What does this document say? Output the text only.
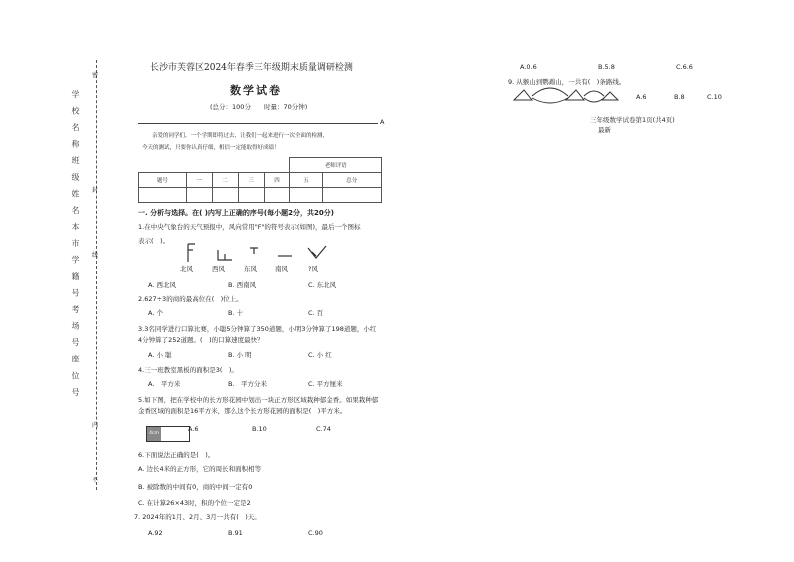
学 校 名 称 班 级 姓 名 本 市 学 籍 号 考 场 号 座 位 号
密
封
线
内
不
长沙市芙蓉区2024年春季三年级期末质量调研检测
数学试卷
(总分：100分　　时量：70分钟)
A
亲爱的同学们，一个学期即将过去，让我们一起来进行一次全面的检测，
今天的测试，只要你认真仔细，相信一定能取得好成绩！
					老师评语	
题号	一	二	三	四	五	总分

一. 分析与选择。在( )内写上正确的序号(每小题2分，共20分)
1.在中央气象台的天气预报中，风向常用"F"的符号表示(如图)，最后一个图标
表示(　)。
北风	西风	东风	南风	?风
A. 西北风	B. 西南风	C. 东北风
2.627÷3的商的最高位在(　)位上。
A. 个	B. 十	C. 百
3.3名同学进行口算比赛，小聪5分钟算了350道题，小明3分钟算了198道题，小红
4分钟算了252道题。(　)的口算速度最快？
A. 小 聪	B. 小 明	C. 小 红
4.三一班教室黑板的面积是3(　)。
A.　平方米	B.　平方分米	C. 平方厘米
5.如下图，把在学校中的长方形花园中划出一块正方形区域栽种郁金香。如果栽种郁
金香区域的面积是16平方米，那么这个长方形花园的面积是(　)平方米。
4cm
A.6	B.10	C.74
6.下面说法正确的是(　)。
A. 边长4米的正方形，它的周长和面积相等
B. 被除数的中间有0，商的中间一定有0
C. 在计算26×43时，积的个位一定是2
7. 2024年的1月、2月、3月一共有(　)天。
A.92	B.91	C.90
A.0.6	B.5.8	C.6.6
9. 从猴山到鹦鹉山，一共有(　)条路线。
A.6	B.8	C.10
三年级数学试卷第1页(共4页)
最新
